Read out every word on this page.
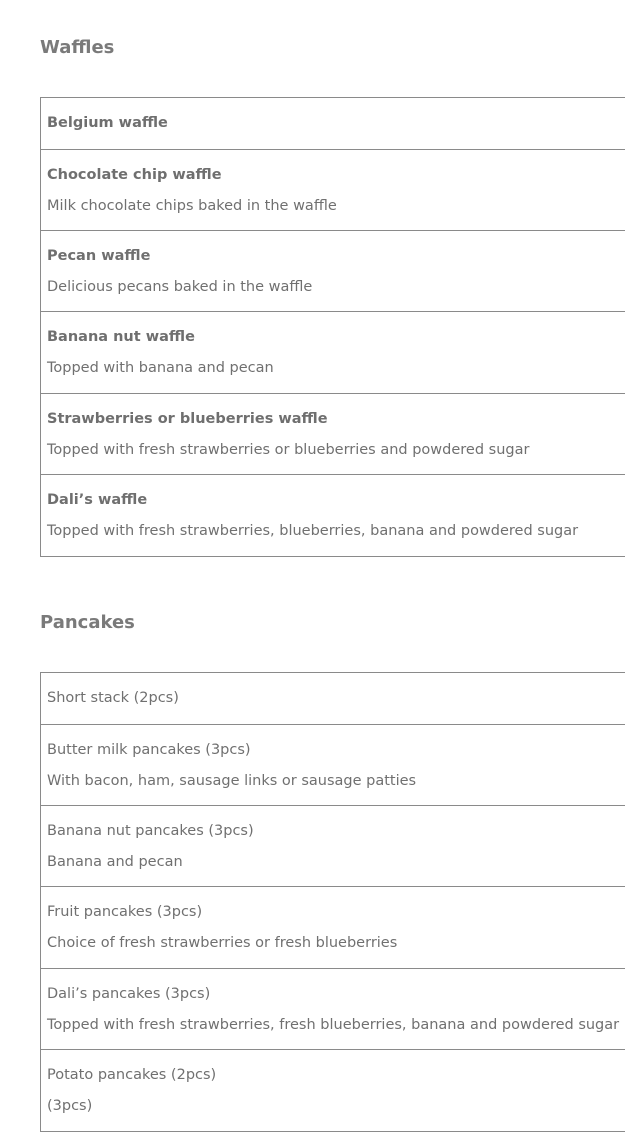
Waffles
Belgium waffle
Chocolate chip waffle
Milk chocolate chips baked in the waffle
Pecan waffle
Delicious pecans baked in the waffle
Banana nut waffle
Topped with banana and pecan
Strawberries or blueberries waffle
Topped with fresh strawberries or blueberries and powdered sugar
Dali’s waffle
Topped with fresh strawberries, blueberries, banana and powdered sugar
Pancakes
Short stack (2pcs)
Butter milk pancakes (3pcs)
With bacon, ham, sausage links or sausage patties
Banana nut pancakes (3pcs)
Banana and pecan
Fruit pancakes (3pcs)
Choice of fresh strawberries or fresh blueberries
Dali’s pancakes (3pcs)
Topped with fresh strawberries, fresh blueberries, banana and powdered sugar
Potato pancakes (2pcs)
(3pcs)
